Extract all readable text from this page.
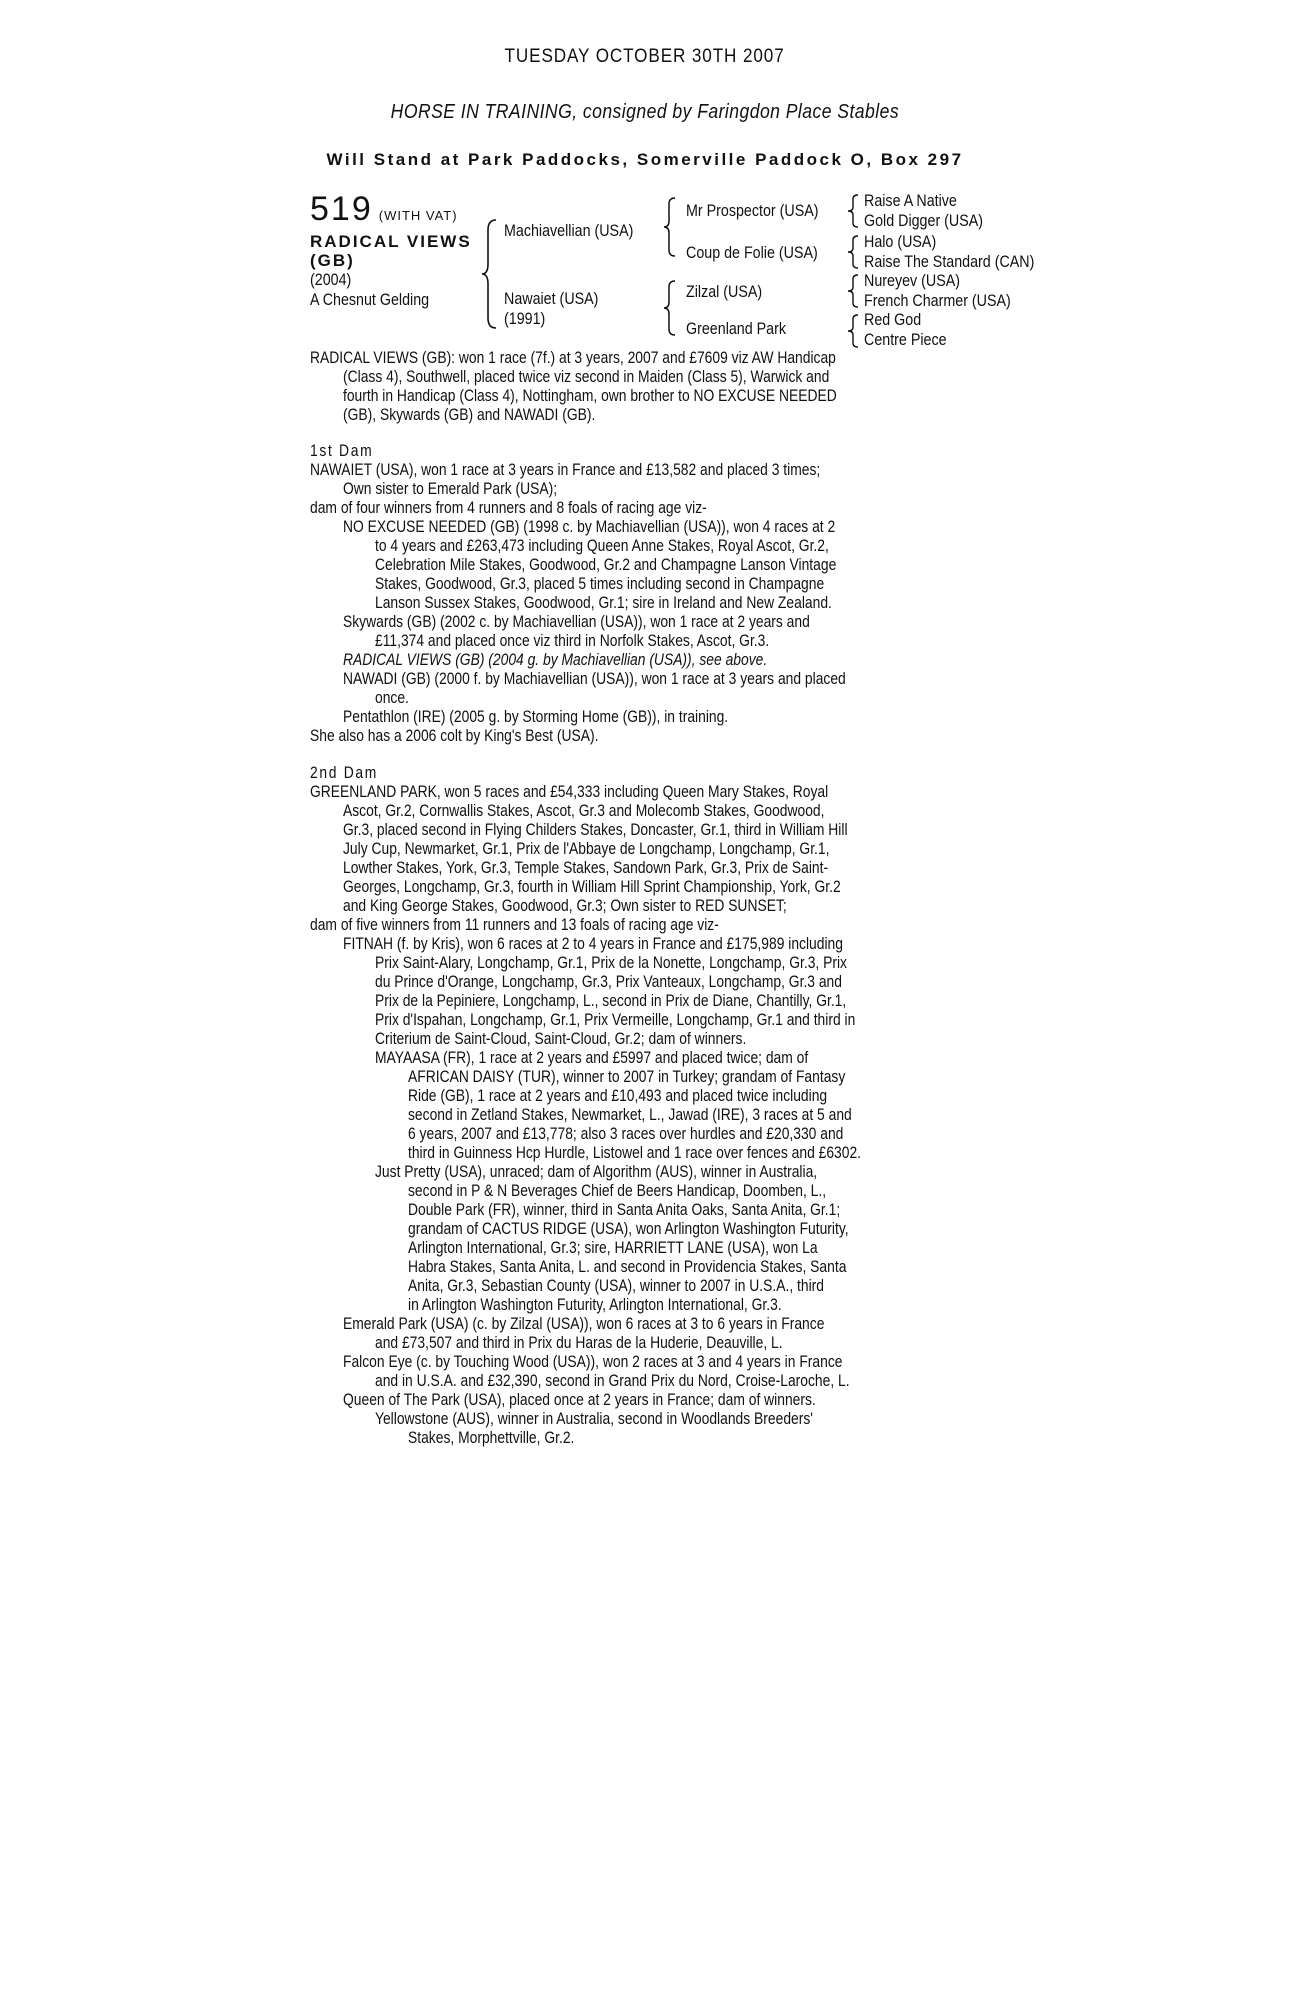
TUESDAY OCTOBER 30TH 2007
HORSE IN TRAINING, consigned by Faringdon Place Stables
Will Stand at Park Paddocks, Somerville Paddock O, Box 297
519 (WITH VAT)
RADICAL VIEWS
(GB)
(2004)
A Chesnut Gelding
Machiavellian (USA)
Nawaiet (USA)
(1991)
Mr Prospector (USA)
Coup de Folie (USA)
Zilzal (USA)
Greenland Park
Raise A Native
Gold Digger (USA)
Halo (USA)
Raise The Standard (CAN)
Nureyev (USA)
French Charmer (USA)
Red God
Centre Piece
RADICAL VIEWS (GB): won 1 race (7f.) at 3 years, 2007 and £7609 viz AW Handicap
(Class 4), Southwell, placed twice viz second in Maiden (Class 5), Warwick and
fourth in Handicap (Class 4), Nottingham, own brother to NO EXCUSE NEEDED
(GB), Skywards (GB) and NAWADI (GB).
1st Dam
NAWAIET (USA), won 1 race at 3 years in France and £13,582 and placed 3 times;
Own sister to Emerald Park (USA);
dam of four winners from 4 runners and 8 foals of racing age viz-
NO EXCUSE NEEDED (GB) (1998 c. by Machiavellian (USA)), won 4 races at 2
to 4 years and £263,473 including Queen Anne Stakes, Royal Ascot, Gr.2,
Celebration Mile Stakes, Goodwood, Gr.2 and Champagne Lanson Vintage
Stakes, Goodwood, Gr.3, placed 5 times including second in Champagne
Lanson Sussex Stakes, Goodwood, Gr.1; sire in Ireland and New Zealand.
Skywards (GB) (2002 c. by Machiavellian (USA)), won 1 race at 2 years and
£11,374 and placed once viz third in Norfolk Stakes, Ascot, Gr.3.
RADICAL VIEWS (GB) (2004 g. by Machiavellian (USA)), see above.
NAWADI (GB) (2000 f. by Machiavellian (USA)), won 1 race at 3 years and placed
once.
Pentathlon (IRE) (2005 g. by Storming Home (GB)), in training.
She also has a 2006 colt by King's Best (USA).
2nd Dam
GREENLAND PARK, won 5 races and £54,333 including Queen Mary Stakes, Royal
Ascot, Gr.2, Cornwallis Stakes, Ascot, Gr.3 and Molecomb Stakes, Goodwood,
Gr.3, placed second in Flying Childers Stakes, Doncaster, Gr.1, third in William Hill
July Cup, Newmarket, Gr.1, Prix de l'Abbaye de Longchamp, Longchamp, Gr.1,
Lowther Stakes, York, Gr.3, Temple Stakes, Sandown Park, Gr.3, Prix de Saint-
Georges, Longchamp, Gr.3, fourth in William Hill Sprint Championship, York, Gr.2
and King George Stakes, Goodwood, Gr.3; Own sister to RED SUNSET;
dam of five winners from 11 runners and 13 foals of racing age viz-
FITNAH (f. by Kris), won 6 races at 2 to 4 years in France and £175,989 including
Prix Saint-Alary, Longchamp, Gr.1, Prix de la Nonette, Longchamp, Gr.3, Prix
du Prince d'Orange, Longchamp, Gr.3, Prix Vanteaux, Longchamp, Gr.3 and
Prix de la Pepiniere, Longchamp, L., second in Prix de Diane, Chantilly, Gr.1,
Prix d'Ispahan, Longchamp, Gr.1, Prix Vermeille, Longchamp, Gr.1 and third in
Criterium de Saint-Cloud, Saint-Cloud, Gr.2; dam of winners.
MAYAASA (FR), 1 race at 2 years and £5997 and placed twice; dam of
AFRICAN DAISY (TUR), winner to 2007 in Turkey; grandam of Fantasy
Ride (GB), 1 race at 2 years and £10,493 and placed twice including
second in Zetland Stakes, Newmarket, L., Jawad (IRE), 3 races at 5 and
6 years, 2007 and £13,778; also 3 races over hurdles and £20,330 and
third in Guinness Hcp Hurdle, Listowel and 1 race over fences and £6302.
Just Pretty (USA), unraced; dam of Algorithm (AUS), winner in Australia,
second in P & N Beverages Chief de Beers Handicap, Doomben, L.,
Double Park (FR), winner, third in Santa Anita Oaks, Santa Anita, Gr.1;
grandam of CACTUS RIDGE (USA), won Arlington Washington Futurity,
Arlington International, Gr.3; sire, HARRIETT LANE (USA), won La
Habra Stakes, Santa Anita, L. and second in Providencia Stakes, Santa
Anita, Gr.3, Sebastian County (USA), winner to 2007 in U.S.A., third
in Arlington Washington Futurity, Arlington International, Gr.3.
Emerald Park (USA) (c. by Zilzal (USA)), won 6 races at 3 to 6 years in France
and £73,507 and third in Prix du Haras de la Huderie, Deauville, L.
Falcon Eye (c. by Touching Wood (USA)), won 2 races at 3 and 4 years in France
and in U.S.A. and £32,390, second in Grand Prix du Nord, Croise-Laroche, L.
Queen of The Park (USA), placed once at 2 years in France; dam of winners.
Yellowstone (AUS), winner in Australia, second in Woodlands Breeders'
Stakes, Morphettville, Gr.2.
